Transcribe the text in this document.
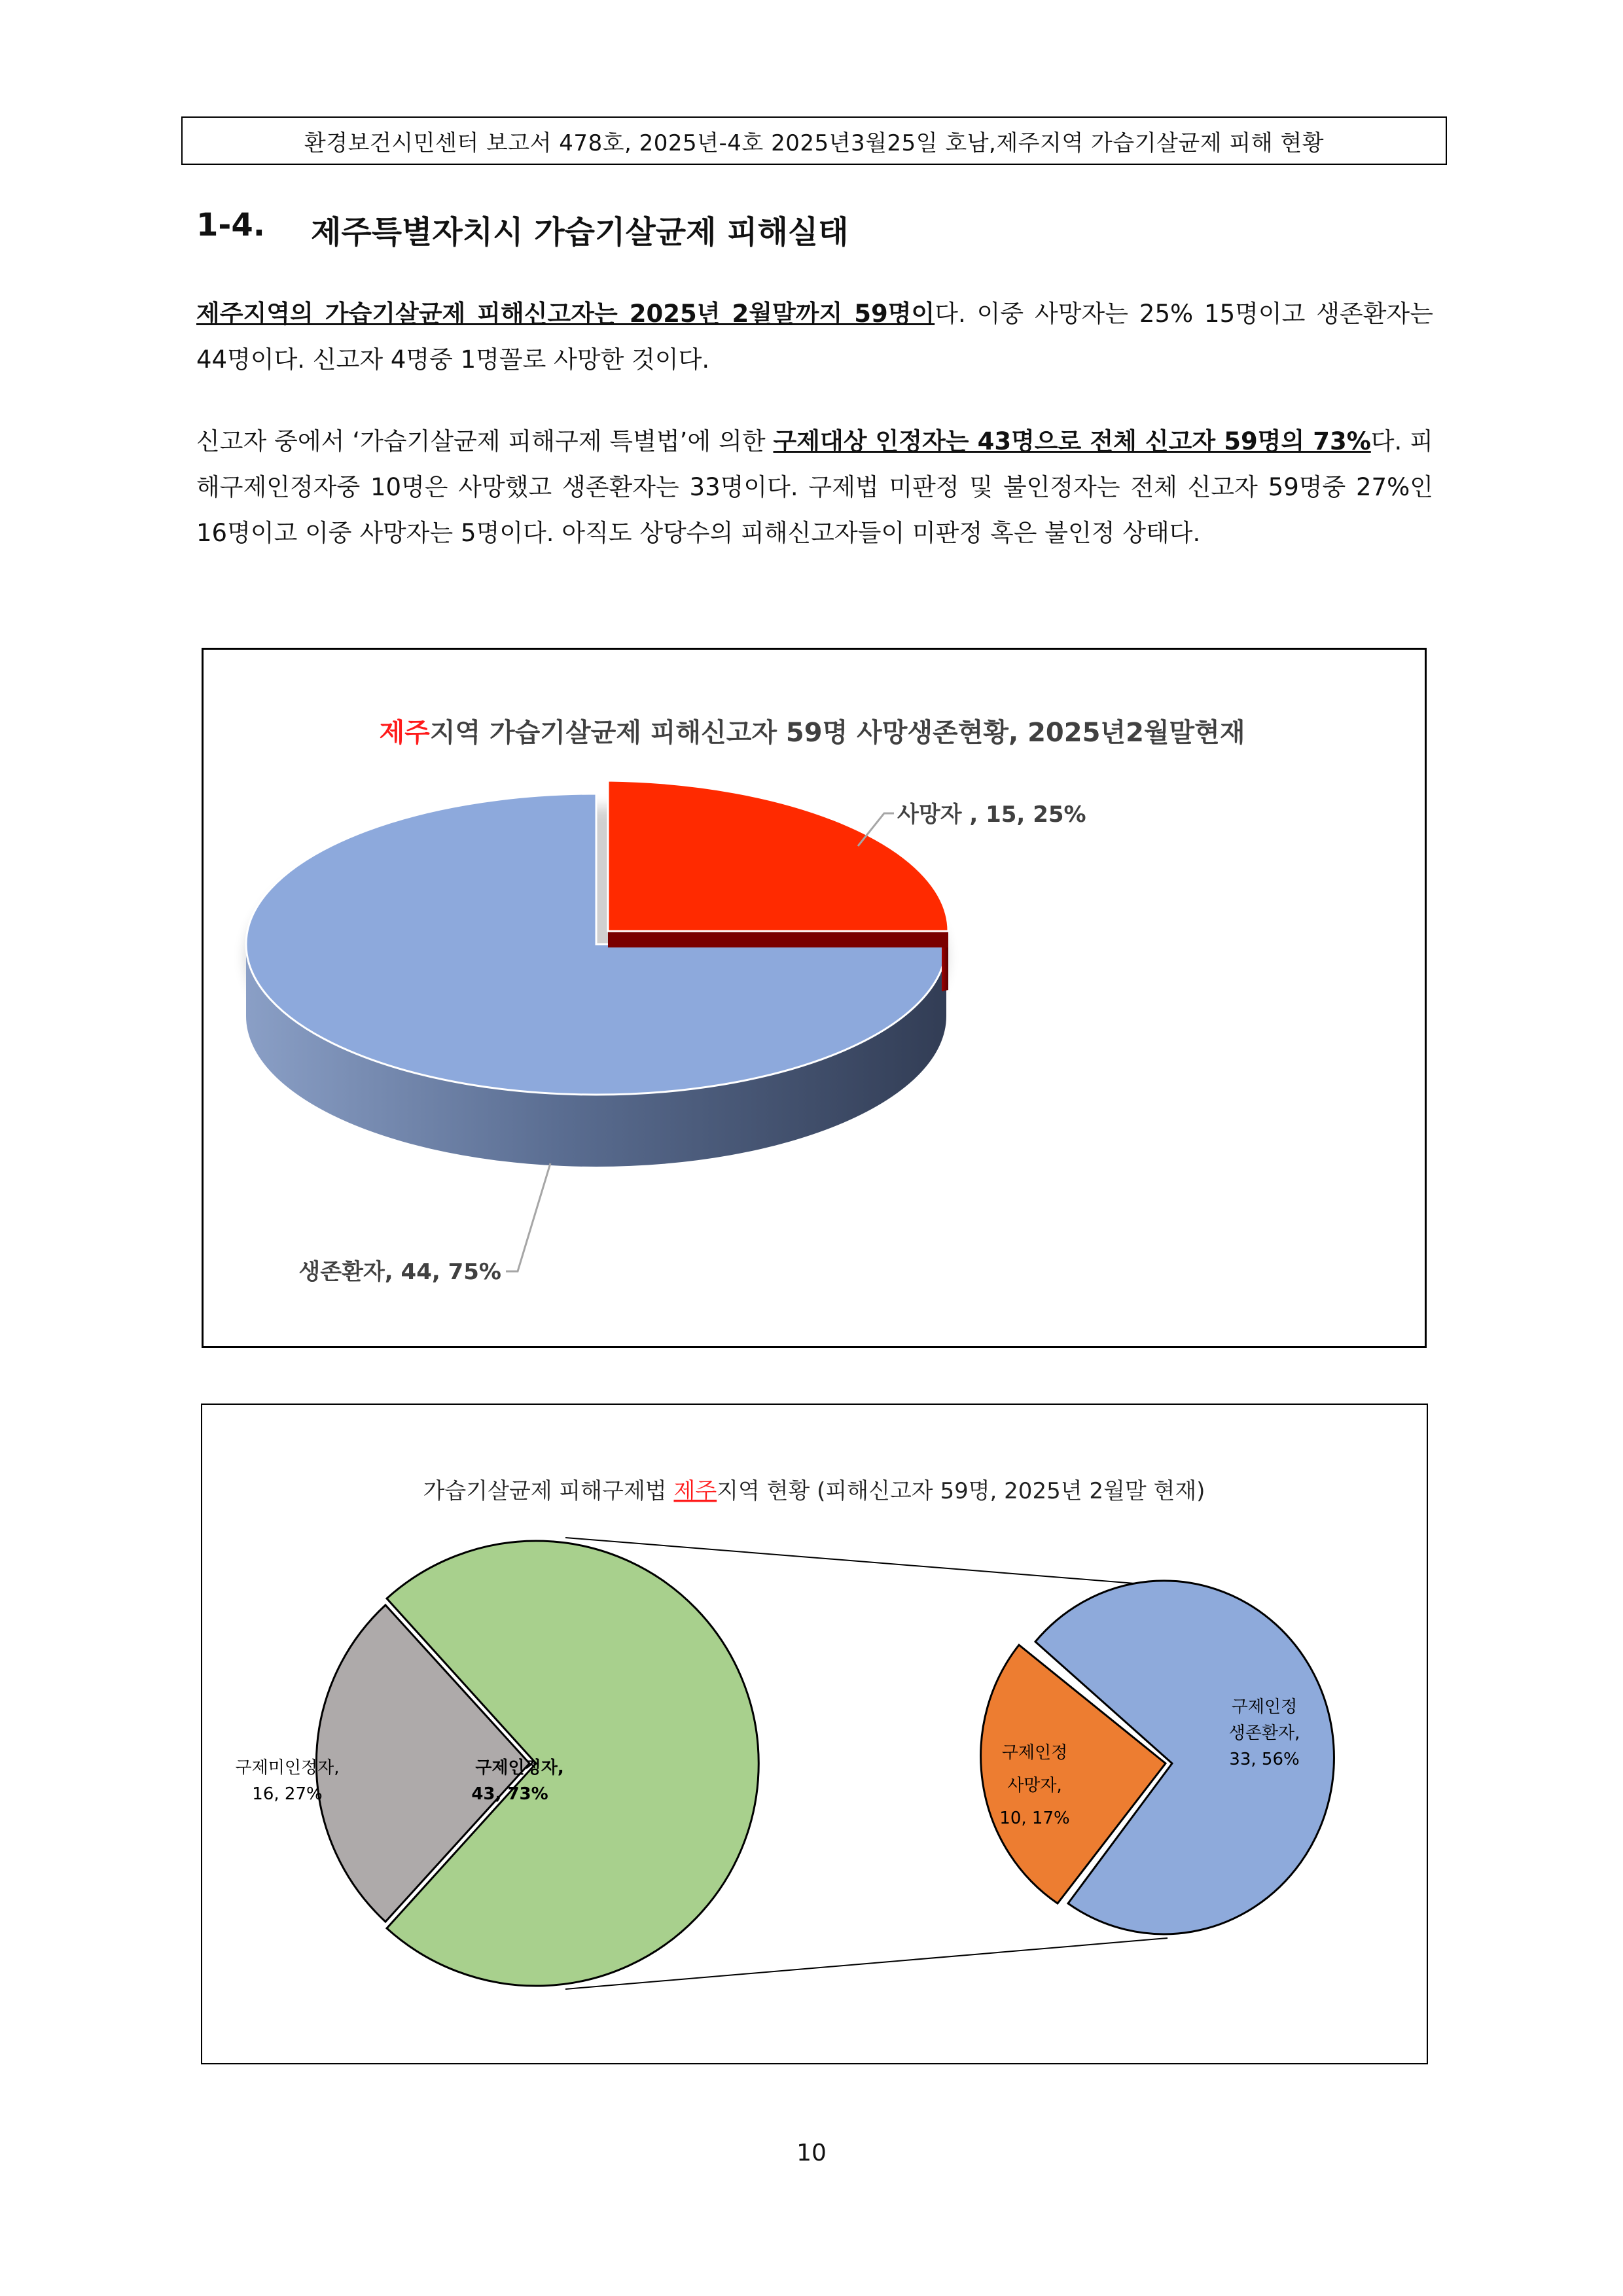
환경보건시민센터 보고서 478호, 2025년-4호 2025년3월25일 호남,제주지역 가습기살균제 피해 현황
1-4. 제주특별자치시 가습기살균제 피해실태
제주지역의 가습기살균제 피해신고자는 2025년 2월말까지 59명이다. 이중 사망자는 25% 15명이고 생존환자는 44명이다. 신고자 4명중 1명꼴로 사망한 것이다.
신고자 중에서 ‘가습기살균제 피해구제 특별법’에 의한 구제대상 인정자는 43명으로 전체 신고자 59명의 73%다. 피해구제인정자중 10명은 사망했고 생존환자는 33명이다. 구제법 미판정 및 불인정자는 전체 신고자 59명중 27%인 16명이고 이중 사망자는 5명이다. 아직도 상당수의 피해신고자들이 미판정 혹은 불인정 상태다.
제주지역 가습기살균제 피해신고자 59명 사망생존현황, 2025년2월말현재
사망자 , 15, 25%
생존환자, 44, 75%
가습기살균제 피해구제법 제주지역 현황 (피해신고자 59명, 2025년 2월말 현재)
구제인정자,
43, 73%
구제미인정자,
16, 27%
구제인정
생존환자,
33, 56%
구제인정
사망자,
10, 17%
10
